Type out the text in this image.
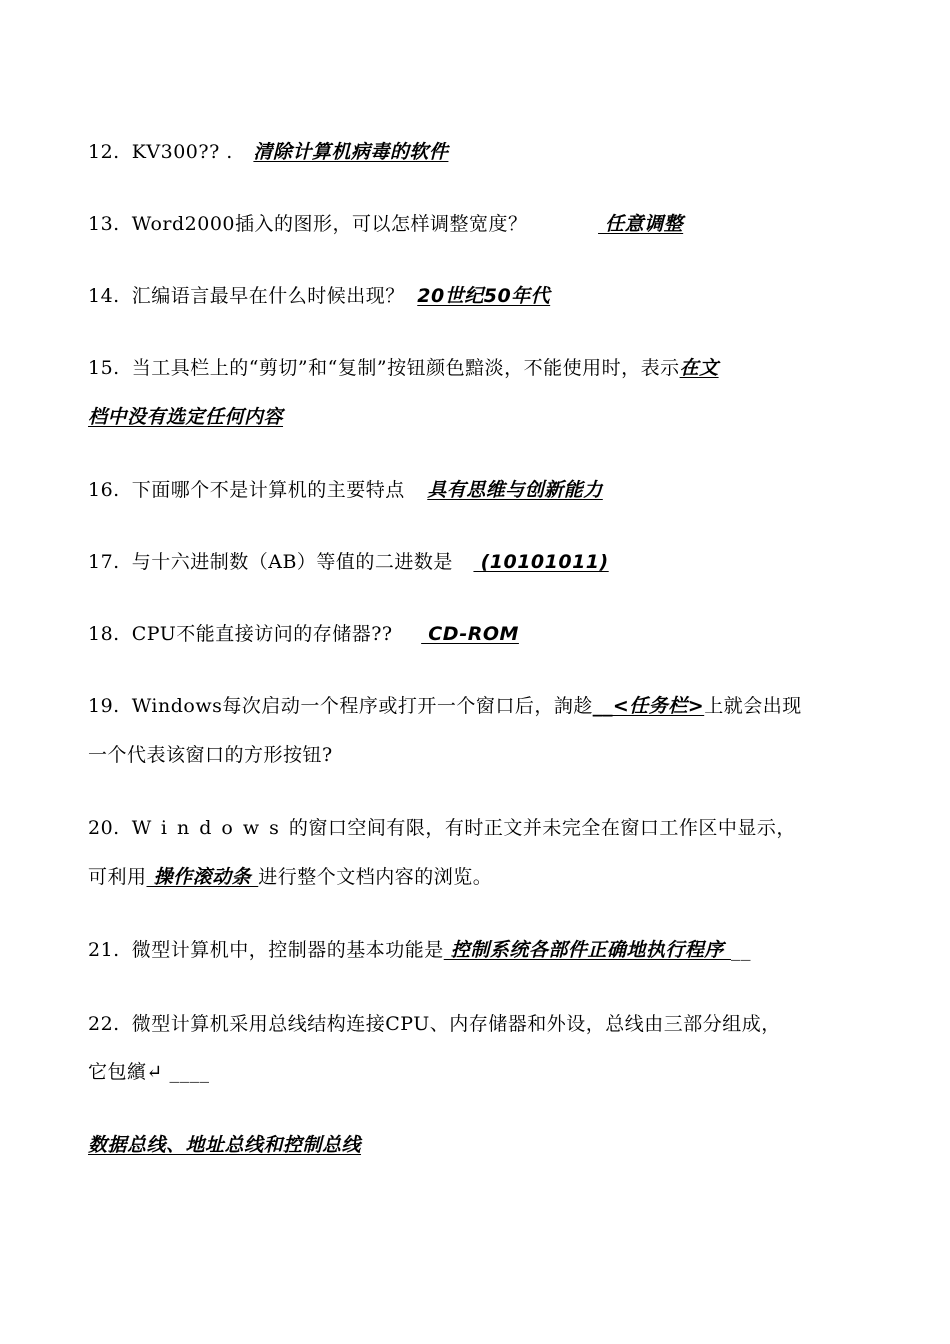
12. KV300?? . 清除计算机病毒的软件
13. Word2000插入的图形，可以怎样调整宽度？	任意调整
14. 汇编语言最早在什么时候出现？ 20世纪50年代
15. 当工具栏上的“剪切”和“复制”按钮颜色黯淡，不能使用时，表示在文
档中没有选定任何内容
16. 下面哪个不是计算机的主要特点 具有思维与创新能力
17. 与十六进制数（AB）等值的二进数是  (10101011)
18. CPU不能直接访问的存储器??  CD-ROM
19. Windows每次启动一个程序或打开一个窗口后，詢趁__<任务栏>上就会出现
一个代表该窗口的方形按钮?
20. Windows的窗口空间有限，有时正文并未完全在窗口工作区中显示，
可利用 操作滚动条 进行整个文档内容的浏览。
21. 微型计算机中，控制器的基本功能是 控制系统各部件正确地执行程序 __
22. 微型计算机采用总线结构连接CPU、内存储器和外设，总线由三部分组成，
它包繽↵ ____
数据总线、地址总线和控制总线
